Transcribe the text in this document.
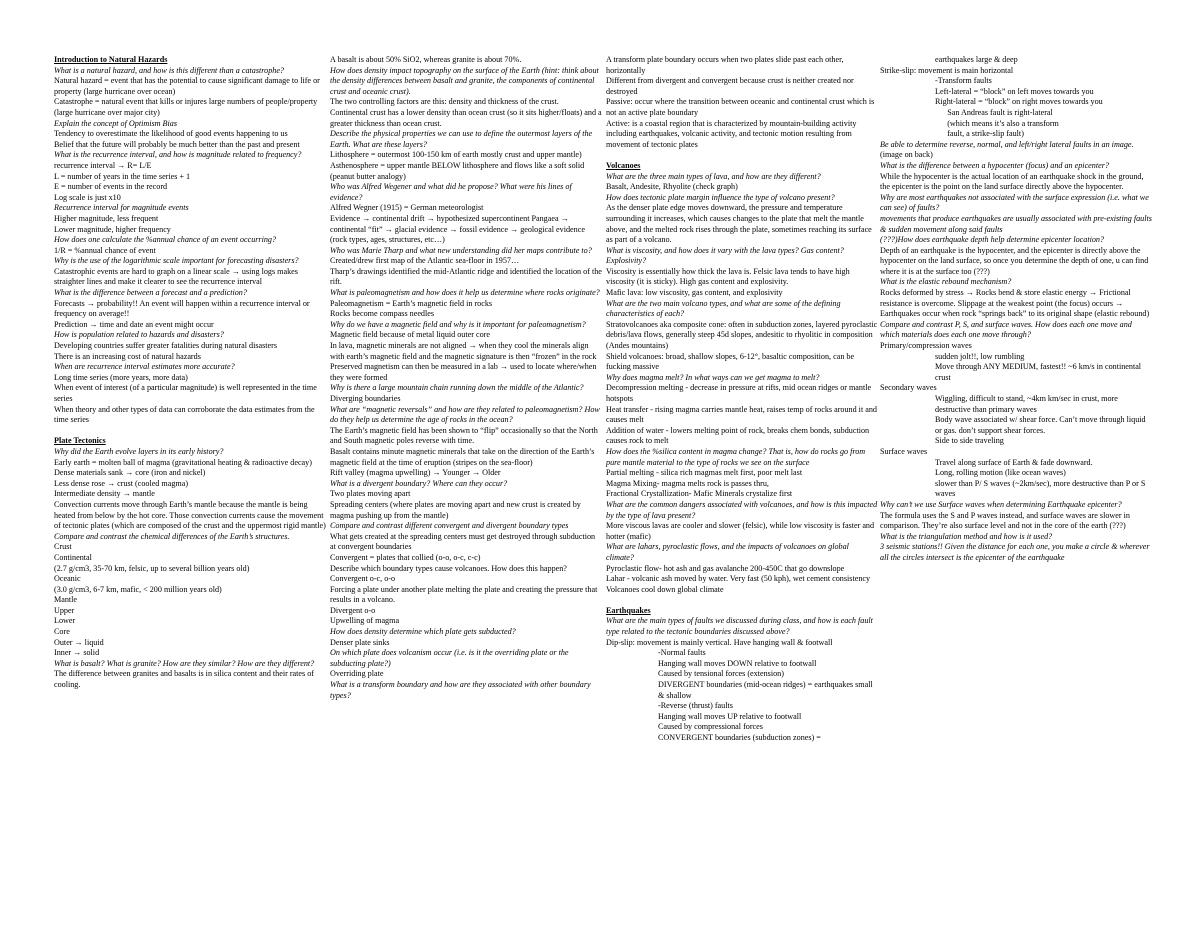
Introduction to Natural Hazards

What is a natural hazard, and how is this different than a catastrophe?

Natural hazard = event that has the potential to cause significant damage to life or property (large hurricane over ocean)

Catastrophe = natural event that kills or injures large numbers of people/property (large hurricane over major city)

Explain the concept of Optimism Bias

Tendency to overestimate the likelihood of good events happening to us

Belief that the future will probably be much better than the past and present

What is the recurrence interval, and how is magnitude related to frequency?

recurrence interval → R= L/E

L = number of years in the time series + 1

E = number of events in the record

Log scale is just x10

Recurrence interval for magnitude events

Higher magnitude, less frequent

Lower magnitude, higher frequency

How does one calculate the %annual chance of an event occurring?

1/R = %annual chance of event

Why is the use of the logarithmic scale important for forecasting disasters?

Catastrophic events are hard to graph on a linear scale → using logs makes straighter lines and make it clearer to see the recurrence interval

What is the difference between a forecast and a prediction?

Forecasts → probability!! An event will happen within a recurrence interval or frequency on average!!

Prediction → time and date an event might occur

How is population related to hazards and disasters?

Developing countries suffer greater fatalities during natural disasters

There is an increasing cost of natural hazards

When are recurrence interval estimates more accurate?

Long time series (more years, more data)

When event of interest (of a particular magnitude) is well represented in the time series

When theory and other types of data can corroborate the data estimates from the time series

Plate Tectonics

Why did the Earth evolve layers in its early history?

Early earth = molten ball of magma (gravitational heating & radioactive decay)

Dense materials sank → core (iron and nickel)

Less dense rose → crust (cooled magma)

Intermediate density → mantle

Convection currents move through Earth’s mantle because the mantle is being heated from below by the hot core. Those convection currents cause the movement of tectonic plates (which are composed of the crust and the uppermost rigid mantle)

Compare and contrast the chemical differences of the Earth’s structures.

Crust

Continental

(2.7 g/cm3, 35-70 km, felsic, up to several billion years old)

Oceanic

(3.0 g/cm3, 6-7 km, mafic, < 200 million years old)

Mantle

Upper

Lower

Core

Outer → liquid

Inner → solid

What is basalt? What is granite? How are they similar? How are they different?

The difference between granites and basalts is in silica content and their rates of cooling.

A basalt is about 50% SiO2, whereas granite is about 70%.

How does density impact topography on the surface of the Earth (hint: think about the density differences between basalt and granite, the components of continental crust and oceanic crust).

The two controlling factors are this: density and thickness of the crust.

Continental crust has a lower density than ocean crust (so it sits higher/floats) and a greater thickness than ocean crust.

Describe the physical properties we can use to define the outermost layers of the Earth. What are these layers?

Lithosphere = outermost 100-150 km of earth mostly crust and upper mantle)

Asthenosphere = upper mantle BELOW lithosphere and flows like a soft solid (peanut butter analogy)

Who was Alfred Wegener and what did he propose? What were his lines of evidence?

Alfred Wegner (1915) = German meteorologist

Evidence → continental drift → hypothesized supercontinent Pangaea → continental “fit” → glacial evidence → fossil evidence → geological evidence (rock types, ages, structures, etc…)

Who was Marie Tharp and what new understanding did her maps contribute to?

Created/drew first map of the Atlantic sea-floor in 1957…

Tharp’s drawings identified the mid-Atlantic ridge and identified the location of the rift.

What is paleomagnetism and how does it help us determine where rocks originate?

Paleomagnetism = Earth’s magnetic field in rocks

Rocks become compass needles

Why do we have a magnetic field and why is it important for paleomagnetism?

Magnetic field because of metal liquid outer core

In lava, magnetic minerals are not aligned → when they cool the minerals align with earth’s magnetic field and the magnetic signature is then “frozen” in the rock

Preserved magnetism can then be measured in a lab → used to locate where/when they were formed

Why is there a large mountain chain running down the middle of the Atlantic?

Diverging boundaries

What are “magnetic reversals” and how are they related to paleomagnetism? How do they help us determine the age of rocks in the ocean?

The Earth’s magnetic field has been shown to “flip” occasionally so that the North and South magnetic poles reverse with time.

Basalt contains minute magnetic minerals that take on the direction of the Earth’s magnetic field at the time of eruption (stripes on the sea-floor)

Rift valley (magma upwelling) → Younger → Older

What is a divergent boundary? Where can they occur?

Two plates moving apart

Spreading centers (where plates are moving apart and new crust is created by magma pushing up from the mantle)

Compare and contrast different convergent and divergent boundary types

What gets created at the spreading centers must get destroyed through subduction at convergent boundaries

Convergent = plates that collied (o-o, o-c, c-c)

Describe which boundary types cause volcanoes. How does this happen?

Convergent o-c, o-o

Forcing a plate under another plate melting the plate and creating the pressure that results in a volcano.

Divergent o-o

Upwelling of magma

How does density determine which plate gets subducted?

Denser plate sinks

On which plate does volcanism occur (i.e. is it the overriding plate or the subducting plate?)

Overriding plate

What is a transform boundary and how are they associated with other boundary types?

A transform plate boundary occurs when two plates slide past each other, horizontally

Different from divergent and convergent because crust is neither created nor destroyed

Passive: occur where the transition between oceanic and continental crust which is not an active plate boundary

Active: is a coastal region that is characterized by mountain-building activity including earthquakes, volcanic activity, and tectonic motion resulting from movement of tectonic plates

Volcanoes

What are the three main types of lava, and how are they different?

Basalt, Andesite, Rhyolite (check graph)

How does tectonic plate margin influence the type of volcano present?

As the denser plate edge moves downward, the pressure and temperature surrounding it increases, which causes changes to the plate that melt the mantle above, and the melted rock rises through the plate, sometimes reaching its surface as part of a volcano.

What is viscosity, and how does it vary with the lava types? Gas content?

Explosivity?

Viscosity is essentially how thick the lava is. Felsic lava tends to have high viscosity (it is sticky). High gas content and explosivity.

Mafic lava: low viscosity, gas content, and explosivity

What are the two main volcano types, and what are some of the defining characteristics of each?

Stratovolcanoes aka composite cone: often in subduction zones, layered pyroclastic debris/lava flows, generally steep 45d slopes, andesitic to rhyolitic in composition (Andes mountains)

Shield volcanoes: broad, shallow slopes, 6-12°, basaltic composition, can be fucking massive

Why does magma melt? In what ways can we get magma to melt?

Decompression melting - decrease in pressure at rifts, mid ocean ridges or mantle hotspots

Heat transfer - rising magma carries mantle heat, raises temp of rocks around it and causes melt

Addition of water - lowers melting point of rock, breaks chem bonds, subduction causes rock to melt

How does the %silica content in magma change? That is, how do rocks go from pure mantle material to the type of rocks we see on the surface

Partial melting - silica rich magmas melt first, poor melt last

Magma Mixing- magma melts rock is passes thru,

Fractional Crystallization- Mafic Minerals crystalize first

What are the common dangers associated with volcanoes, and how is this impacted by the type of lava present?

More viscous lavas are cooler and slower (felsic), while low viscosity is faster and hotter (mafic)

What are lahars, pyroclastic flows, and the impacts of volcanoes on global climate?

Pyroclastic flow- hot ash and gas avalanche 200-450C that go downslope

Lahar - volcanic ash moved by water. Very fast (50 kph), wet cement consistency

Volcanoes cool down global climate

Earthquakes

What are the main types of faults we discussed during class, and how is each fault type related to the tectonic boundaries discussed above?

Dip-slip: movement is mainly vertical. Have hanging wall & footwall

-Normal faults

Hanging wall moves DOWN relative to footwall

Caused by tensional forces (extension)

DIVERGENT boundaries (mid-ocean ridges) = earthquakes small & shallow

-Reverse (thrust) faults

Hanging wall moves UP relative to footwall

Caused by compressional forces

CONVERGENT boundaries (subduction zones) =

earthquakes large & deep

Strike-slip: movement is main horizontal

-Transform faults

Left-lateral = “block” on left moves towards you

Right-lateral = “block” on right moves towards you

San Andreas fault is right-lateral

(which means it’s also a transform

fault, a strike-slip fault)

Be able to determine reverse, normal, and left/right lateral faults in an image.

(image on back)

What is the difference between a hypocenter (focus) and an epicenter?

While the hypocenter is the actual location of an earthquake shock in the ground, the epicenter is the point on the land surface directly above the hypocenter.

Why are most earthquakes not associated with the surface expression (i.e. what we can see) of faults?

movements that produce earthquakes are usually associated with pre-existing faults & sudden movement along said faults

(???)How does earthquake depth help determine epicenter location?

Depth of an earthquake is the hypocenter, and the epicenter is directly above the hypocenter on the land surface, so once you determine the depth of one, u can find where it is at the surface too (???)

What is the elastic rebound mechanism?

Rocks deformed by stress → Rocks bend & store elastic energy → Frictional resistance is overcome. Slippage at the weakest point (the focus) occurs → Earthquakes occur when rock “springs back” to its original shape (elastic rebound)

Compare and contrast P, S, and surface waves. How does each one move and which materials does each one move through?

Primary/compression waves

sudden jolt!!, low rumbling

Move through ANY MEDIUM, fastest!! ~6 km/s in continental crust

Secondary waves

Wiggling, difficult to stand, ~4km km/sec in crust, more destructive than primary waves

Body wave associated w/ shear force. Can’t move through liquid or gas. don’t support shear forces.

Side to side traveling

Surface waves

Travel along surface of Earth & fade downward.

Long, rolling motion (like ocean waves)

slower than P/ S waves (~2km/sec), more destructive than P or S waves

Why can’t we use Surface waves when determining Earthquake epicenter?

The formula uses the S and P waves instead, and surface waves are slower in comparison. They’re also surface level and not in the core of the earth (???)

What is the triangulation method and how is it used?

3 seismic stations!! Given the distance for each one, you make a circle & wherever all the circles intersect is the epicenter of the earthquake
